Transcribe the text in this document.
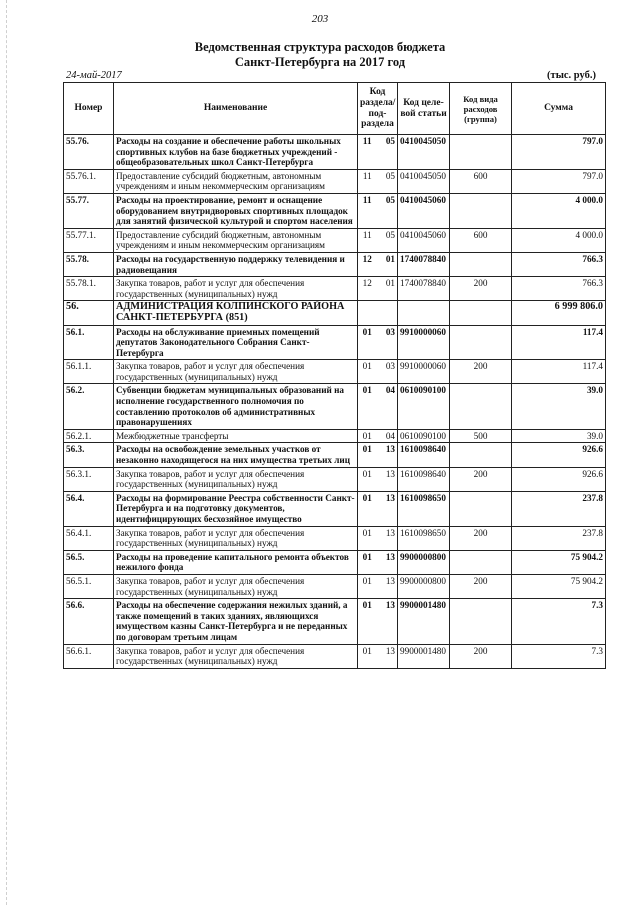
203
Ведомственная структура расходов бюджета
Санкт-Петербурга на 2017 год
24-май-2017	(тыс. руб.)
Номер	Наименование	Код раздела/ под-раздела		Код целе-вой статьи	Код вида расходов (группа)	Сумма
55.76.	Расходы на создание и обеспечение работы школьных спортивных клубов на базе бюджетных учреждений - общеобразовательных школ Санкт-Петербурга	11	05	0410045050		797.0
55.76.1.	Предоставление субсидий бюджетным, автономным учреждениям и иным некоммерческим организациям	11	05	0410045050	600	797.0
55.77.	Расходы на проектирование, ремонт и оснащение оборудованием внутридворовых спортивных площадок для занятий физической культурой и спортом населения	11	05	0410045060		4 000.0
55.77.1.	Предоставление субсидий бюджетным, автономным учреждениям и иным некоммерческим организациям	11	05	0410045060	600	4 000.0
55.78.	Расходы на государственную поддержку телевидения и радиовещания	12	01	1740078840		766.3
55.78.1.	Закупка товаров, работ и услуг для обеспечения государственных (муниципальных) нужд	12	01	1740078840	200	766.3
56.	АДМИНИСТРАЦИЯ КОЛПИНСКОГО РАЙОНА САНКТ-ПЕТЕРБУРГА (851)					6 999 806.0
56.1.	Расходы на обслуживание приемных помещений депутатов Законодательного Собрания Санкт-Петербурга	01	03	9910000060		117.4
56.1.1.	Закупка товаров, работ и услуг для обеспечения государственных (муниципальных) нужд	01	03	9910000060	200	117.4
56.2.	Субвенции бюджетам муниципальных образований на исполнение государственного полномочия по составлению протоколов об административных правонарушениях	01	04	0610090100		39.0
56.2.1.	Межбюджетные трансферты	01	04	0610090100	500	39.0
56.3.	Расходы на освобождение земельных участков от незаконно находящегося на них имущества третьих лиц	01	13	1610098640		926.6
56.3.1.	Закупка товаров, работ и услуг для обеспечения государственных (муниципальных) нужд	01	13	1610098640	200	926.6
56.4.	Расходы на формирование Реестра собственности Санкт-Петербурга и на подготовку документов, идентифицирующих бесхозяйное имущество	01	13	1610098650		237.8
56.4.1.	Закупка товаров, работ и услуг для обеспечения государственных (муниципальных) нужд	01	13	1610098650	200	237.8
56.5.	Расходы на проведение капитального ремонта объектов нежилого фонда	01	13	9900000800		75 904.2
56.5.1.	Закупка товаров, работ и услуг для обеспечения государственных (муниципальных) нужд	01	13	9900000800	200	75 904.2
56.6.	Расходы на обеспечение содержания нежилых зданий, а также помещений в таких зданиях, являющихся имуществом казны Санкт-Петербурга и не переданных по договорам третьим лицам	01	13	9900001480		7.3
56.6.1.	Закупка товаров, работ и услуг для обеспечения государственных (муниципальных) нужд	01	13	9900001480	200	7.3
